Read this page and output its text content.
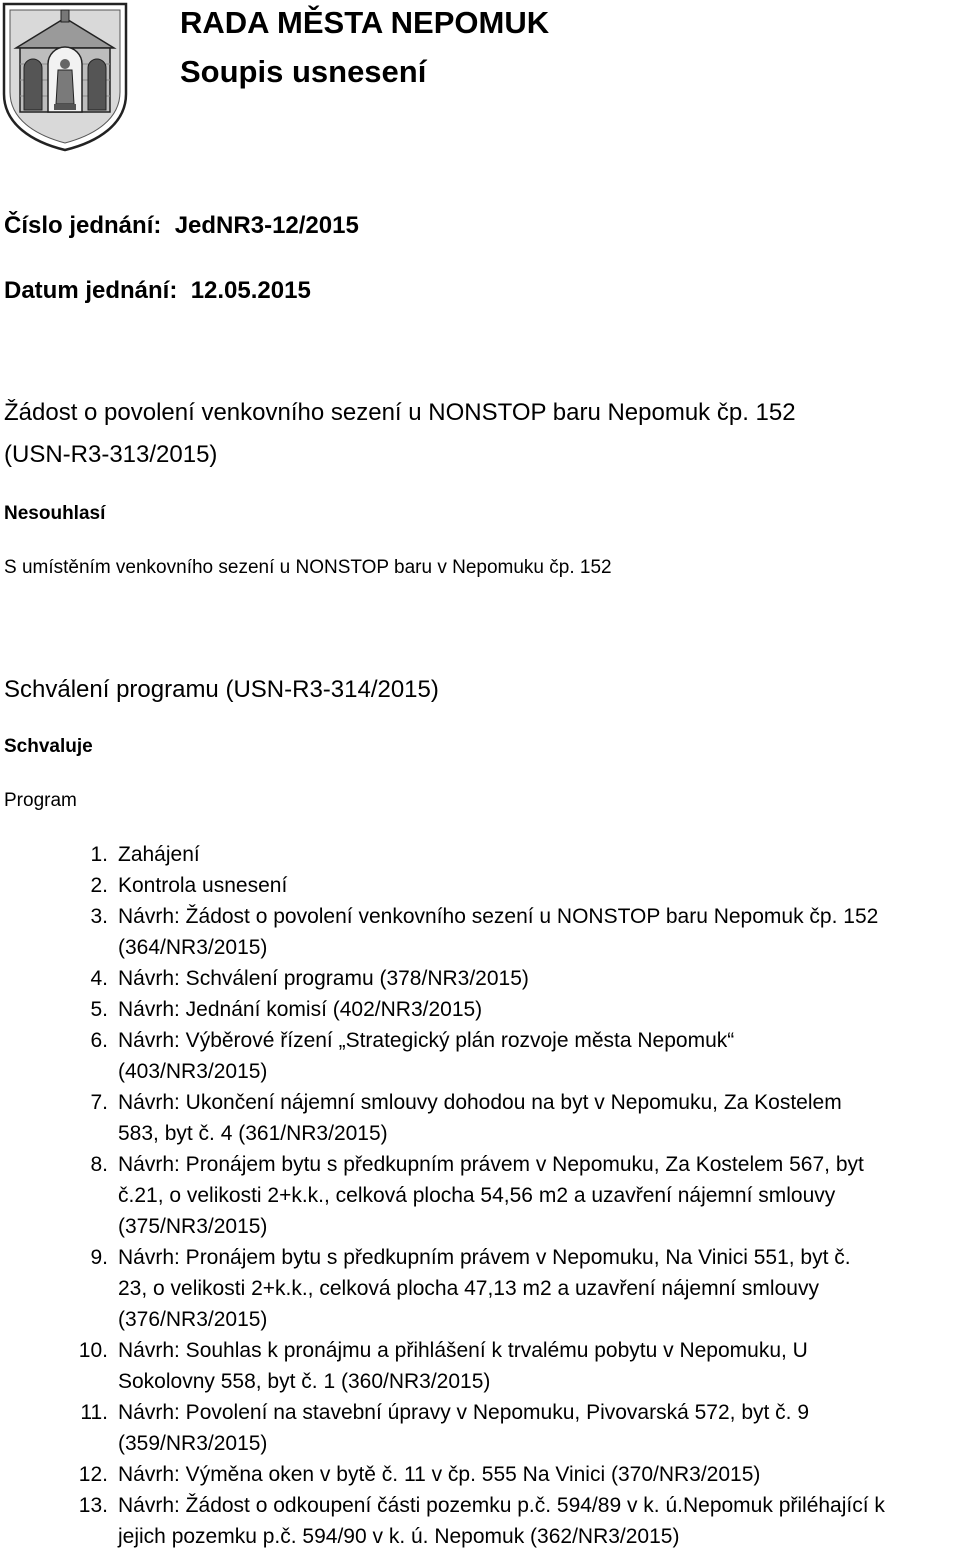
RADA MĚSTA NEPOMUK
Soupis usnesení
Číslo jednání: JedNR3-12/2015
Datum jednání: 12.05.2015
Žádost o povolení venkovního sezení u NONSTOP baru Nepomuk čp. 152
(USN-R3-313/2015)
Nesouhlasí
S umístěním venkovního sezení u NONSTOP baru v Nepomuku čp. 152
Schválení programu (USN-R3-314/2015)
Schvaluje
Program
1. Zahájení
2. Kontrola usnesení
3. Návrh: Žádost o povolení venkovního sezení u NONSTOP baru Nepomuk čp. 152
(364/NR3/2015)
4. Návrh: Schválení programu (378/NR3/2015)
5. Návrh: Jednání komisí (402/NR3/2015)
6. Návrh: Výběrové řízení „Strategický plán rozvoje města Nepomuk“
(403/NR3/2015)
7. Návrh: Ukončení nájemní smlouvy dohodou na byt v Nepomuku, Za Kostelem
583, byt č. 4 (361/NR3/2015)
8. Návrh: Pronájem bytu s předkupním právem v Nepomuku, Za Kostelem 567, byt
č.21, o velikosti 2+k.k., celková plocha 54,56 m2 a uzavření nájemní smlouvy
(375/NR3/2015)
9. Návrh: Pronájem bytu s předkupním právem v Nepomuku, Na Vinici 551, byt č.
23, o velikosti 2+k.k., celková plocha 47,13 m2 a uzavření nájemní smlouvy
(376/NR3/2015)
10. Návrh: Souhlas k pronájmu a přihlášení k trvalému pobytu v Nepomuku, U
Sokolovny 558, byt č. 1 (360/NR3/2015)
11. Návrh: Povolení na stavební úpravy v Nepomuku, Pivovarská 572, byt č. 9
(359/NR3/2015)
12. Návrh: Výměna oken v bytě č. 11 v čp. 555 Na Vinici (370/NR3/2015)
13. Návrh: Žádost o odkoupení části pozemku p.č. 594/89 v k. ú.Nepomuk přiléhající k
jejich pozemku p.č. 594/90 v k. ú. Nepomuk (362/NR3/2015)
